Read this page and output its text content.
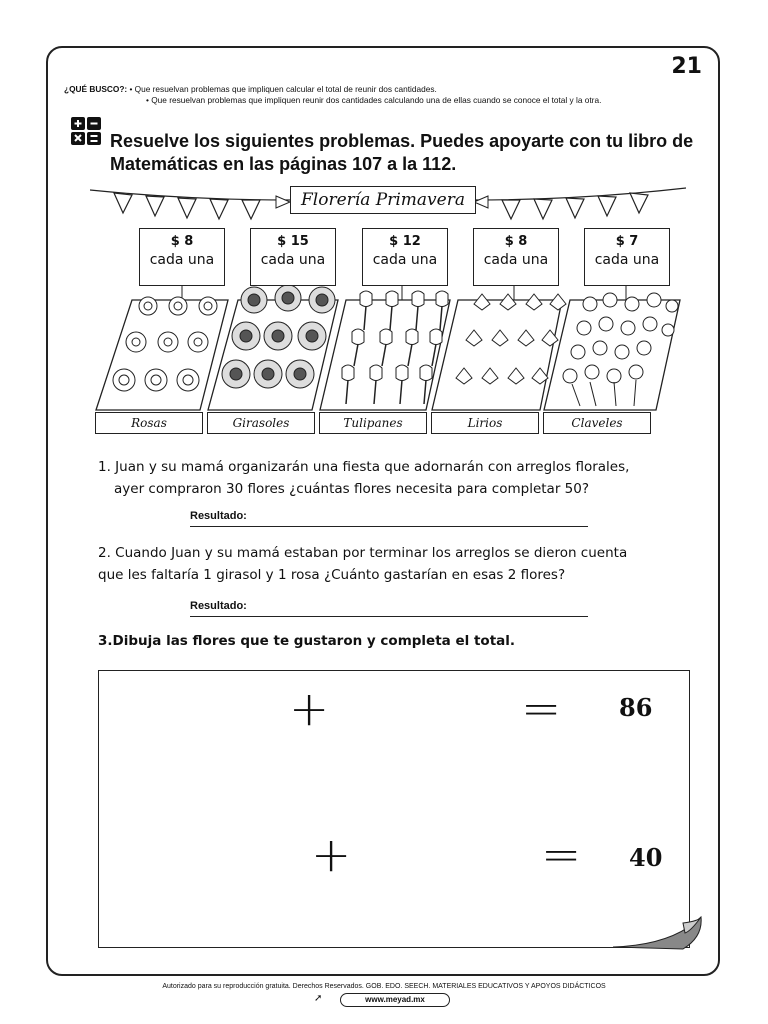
21
¿QUÉ BUSCO?: • Que resuelvan problemas que impliquen calcular el total de reunir dos cantidades.
• Que resuelvan problemas que impliquen reunir dos cantidades calculando una de ellas cuando se conoce el total y la otra.
Resuelve los siguientes problemas. Puedes apoyarte con tu libro de Matemáticas en las páginas 107 a la 112.
Florería Primavera
$ 8
cada una
$ 15
cada una
$ 12
cada una
$ 8
cada una
$ 7
cada una
Rosas	Girasoles	Tulipanes	Lirios	Claveles
1. Juan y su mamá organizarán una fiesta que adornarán con arreglos florales,
ayer compraron 30 flores ¿cuántas flores necesita para completar 50?
Resultado:
2. Cuando Juan y su mamá estaban por terminar los arreglos se dieron cuenta
que les faltaría 1 girasol y 1 rosa ¿Cuánto gastarían en esas 2 flores?
Resultado:
3.Dibuja las flores que te gustaron y completa el total.
+	= 86
+	= 40
Autorizado para su reproducción gratuita. Derechos Reservados. GOB. EDO. SEECH. MATERIALES EDUCATIVOS Y APOYOS DIDÁCTICOS
➚	www.meyad.mx
